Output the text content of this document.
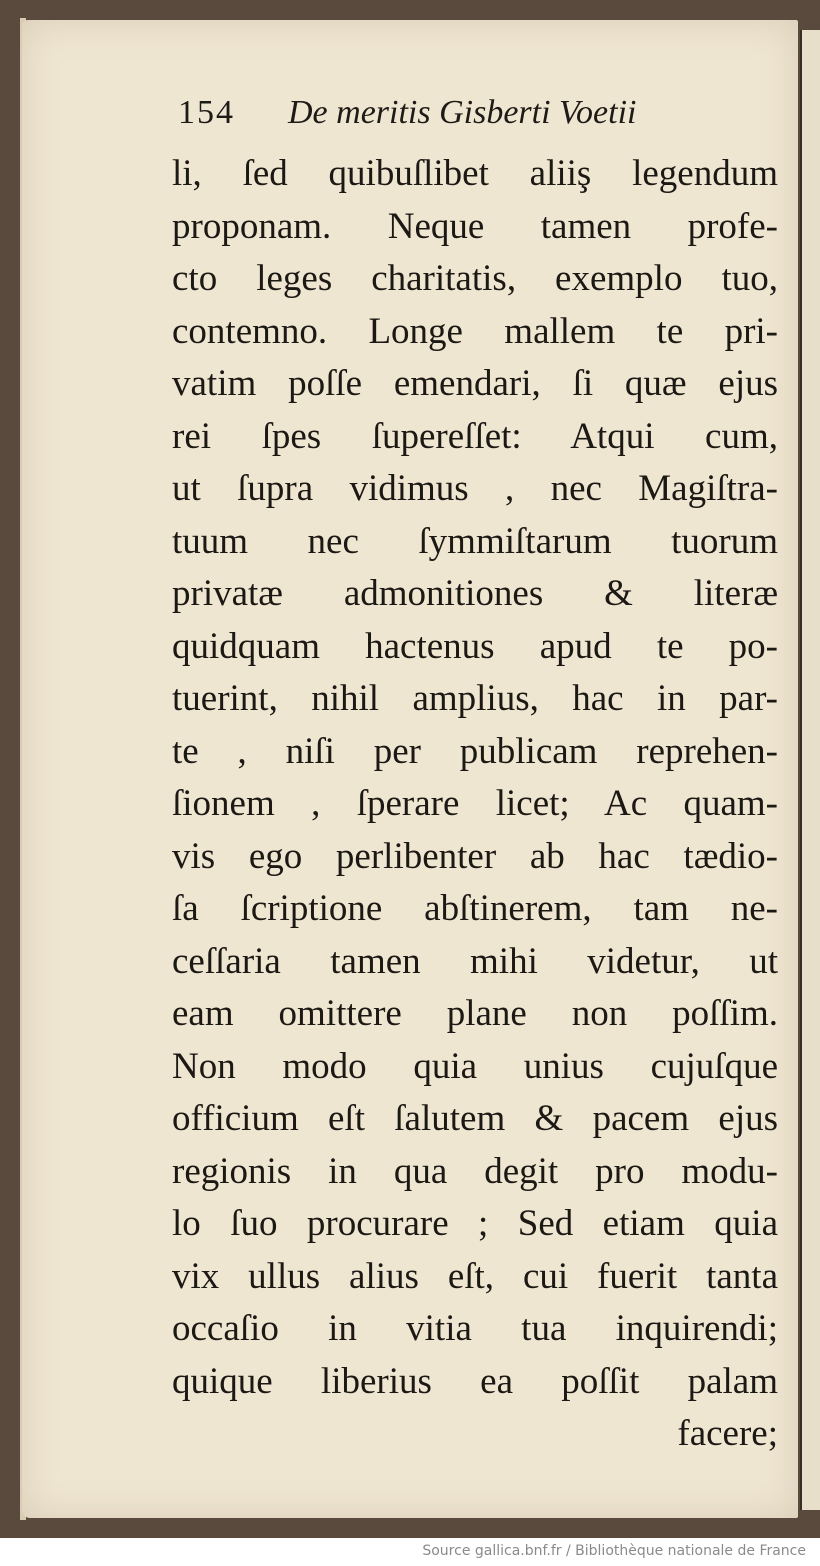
154 De meritis Gisberti Voetii
li, ſed quibuſlibet aliiş legendum
proponam. Neque tamen profe-
cto leges charitatis, exemplo tuo,
contemno. Longe mallem te pri-
vatim poſſe emendari, ſi quæ ejus
rei ſpes ſupereſſet: Atqui cum,
ut ſupra vidimus , nec Magiſtra-
tuum nec ſymmiſtarum tuorum
privatæ admonitiones & literæ
quidquam hactenus apud te po-
tuerint, nihil amplius, hac in par-
te , niſi per publicam reprehen-
ſionem , ſperare licet; Ac quam-
vis ego perlibenter ab hac tædio-
ſa ſcriptione abſtinerem, tam ne-
ceſſaria tamen mihi videtur, ut
eam omittere plane non poſſim.
Non modo quia unius cujuſque
officium eſt ſalutem & pacem ejus
regionis in qua degit pro modu-
lo ſuo procurare ; Sed etiam quia
vix ullus alius eſt, cui fuerit tanta
occaſio in vitia tua inquirendi;
quique liberius ea poſſit palam
facere;
Source gallica.bnf.fr / Bibliothèque nationale de France
